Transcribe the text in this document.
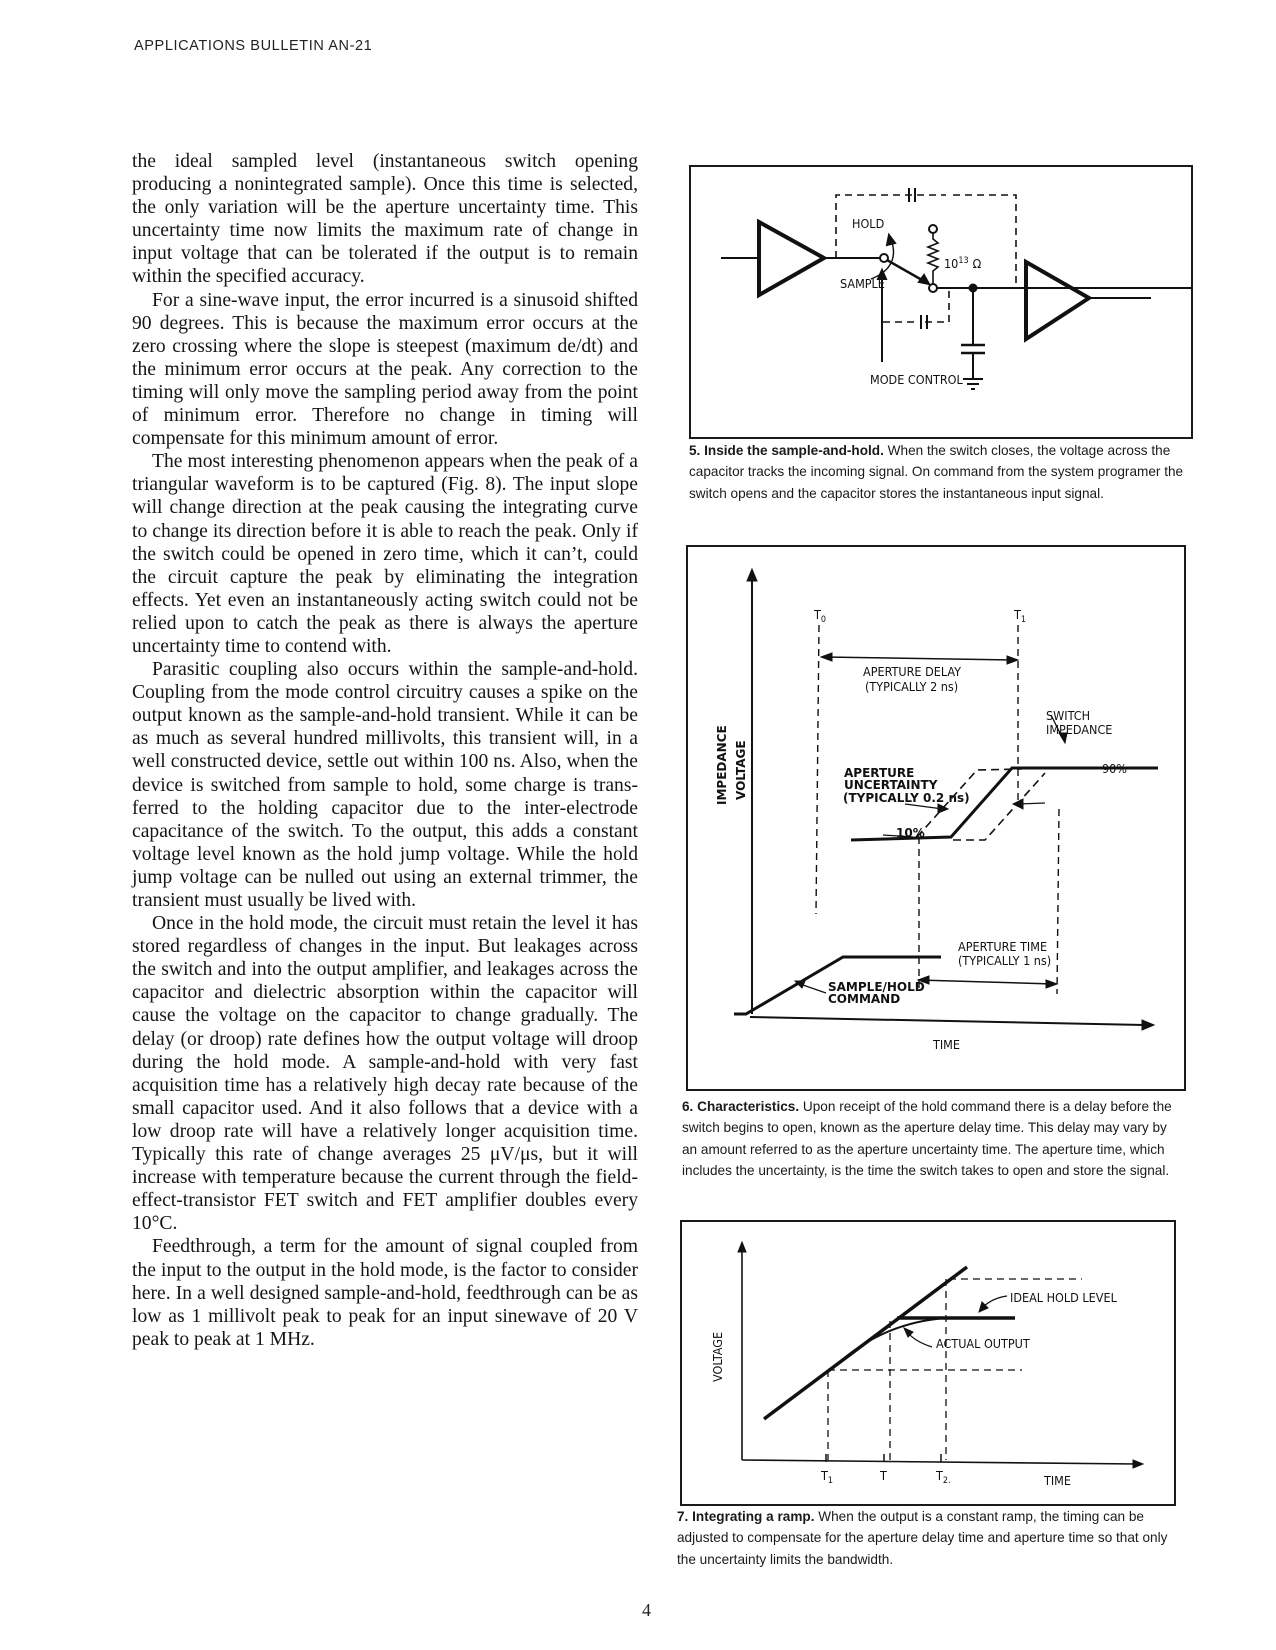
APPLICATIONS BULLETIN AN-21

the ideal sampled level (instantaneous switch opening producing a nonintegrated sample). Once this time is selected, the only variation will be the aperture uncertainty time. This uncertainty time now limits the maximum rate of change in input voltage that can be tolerated if the output is to remain within the specified accuracy.

For a sine-wave input, the error incurred is a sinusoid shifted 90 degrees. This is because the maximum error occurs at the zero crossing where the slope is steepest (maximum de/dt) and the minimum error occurs at the peak. Any correction to the timing will only move the sampling period away from the point of minimum error. Therefore no change in timing will compensate for this minimum amount of error.

The most interesting phenomenon appears when the peak of a triangular waveform is to be captured (Fig. 8). The input slope will change direction at the peak causing the integrating curve to change its direction before it is able to reach the peak. Only if the switch could be opened in zero time, which it can’t, could the circuit capture the peak by eliminating the integration effects. Yet even an instantaneously acting switch could not be relied upon to catch the peak as there is always the aperture uncertainty time to contend with.

Parasitic coupling also occurs within the sample-and-hold. Coupling from the mode control circuitry causes a spike on the output known as the sample-and-hold transient. While it can be as much as several hundred millivolts, this transient will, in a well constructed device, settle out within 100 ns. Also, when the device is switched from sample to hold, some charge is transferred to the holding capacitor due to the inter-electrode capacitance of the switch. To the output, this adds a constant voltage level known as the hold jump voltage. While the hold jump voltage can be nulled out using an external trimmer, the transient must usually be lived with.

Once in the hold mode, the circuit must retain the level it has stored regardless of changes in the input. But leakages across the switch and into the output amplifier, and leakages across the capacitor and dielectric absorption within the capacitor will cause the voltage on the capacitor to change gradually. The delay (or droop) rate defines how the output voltage will droop during the hold mode. A sample-and-hold with very fast acquisition time has a relatively high decay rate because of the small capacitor used. And it also follows that a device with a low droop rate will have a relatively longer acquisition time. Typically this rate of change averages 25 μV/μs, but it will increase with temperature because the current through the field-effect-transistor FET switch and FET amplifier doubles every 10°C.

Feedthrough, a term for the amount of signal coupled from the input to the output in the hold mode, is the factor to consider here. In a well designed sample-and-hold, feedthrough can be as low as 1 millivolt peak to peak for an input sinewave of 20 V peak to peak at 1 MHz.

HOLD
SAMPLE
$10^{13}$ Ω
MODE CONTROL
5. Inside the sample-and-hold. When the switch closes, the voltage across the capacitor tracks the incoming signal. On command from the system programer the switch opens and the capacitor stores the instantaneous input signal.
$T_0$	$T_1$
APERTURE DELAY
(TYPICALLY 2 ns)
SWITCH
IMPEDANCE
IMPEDANCE VOLTAGE	APERTURE
UNCERTAINTY
(TYPICALLY 0.2 ns)
10%
90%
APERTURE TIME
(TYPICALLY 1 ns)
SAMPLE/HOLD
COMMAND
TIME
6. Characteristics. Upon receipt of the hold command there is a delay before the switch begins to open, known as the aperture delay time. This delay may vary by an amount referred to as the aperture uncertainty time. The aperture time, which includes the uncertainty, is the time the switch takes to open and store the signal.
IDEAL HOLD LEVEL
ACTUAL OUTPUT
VOLTAGE
TIME
$T_1$	T	$T_{2.}$
7. Integrating a ramp. When the output is a constant ramp, the timing can be adjusted to compensate for the aperture delay time and aperture time so that only the uncertainty limits the bandwidth.
4
